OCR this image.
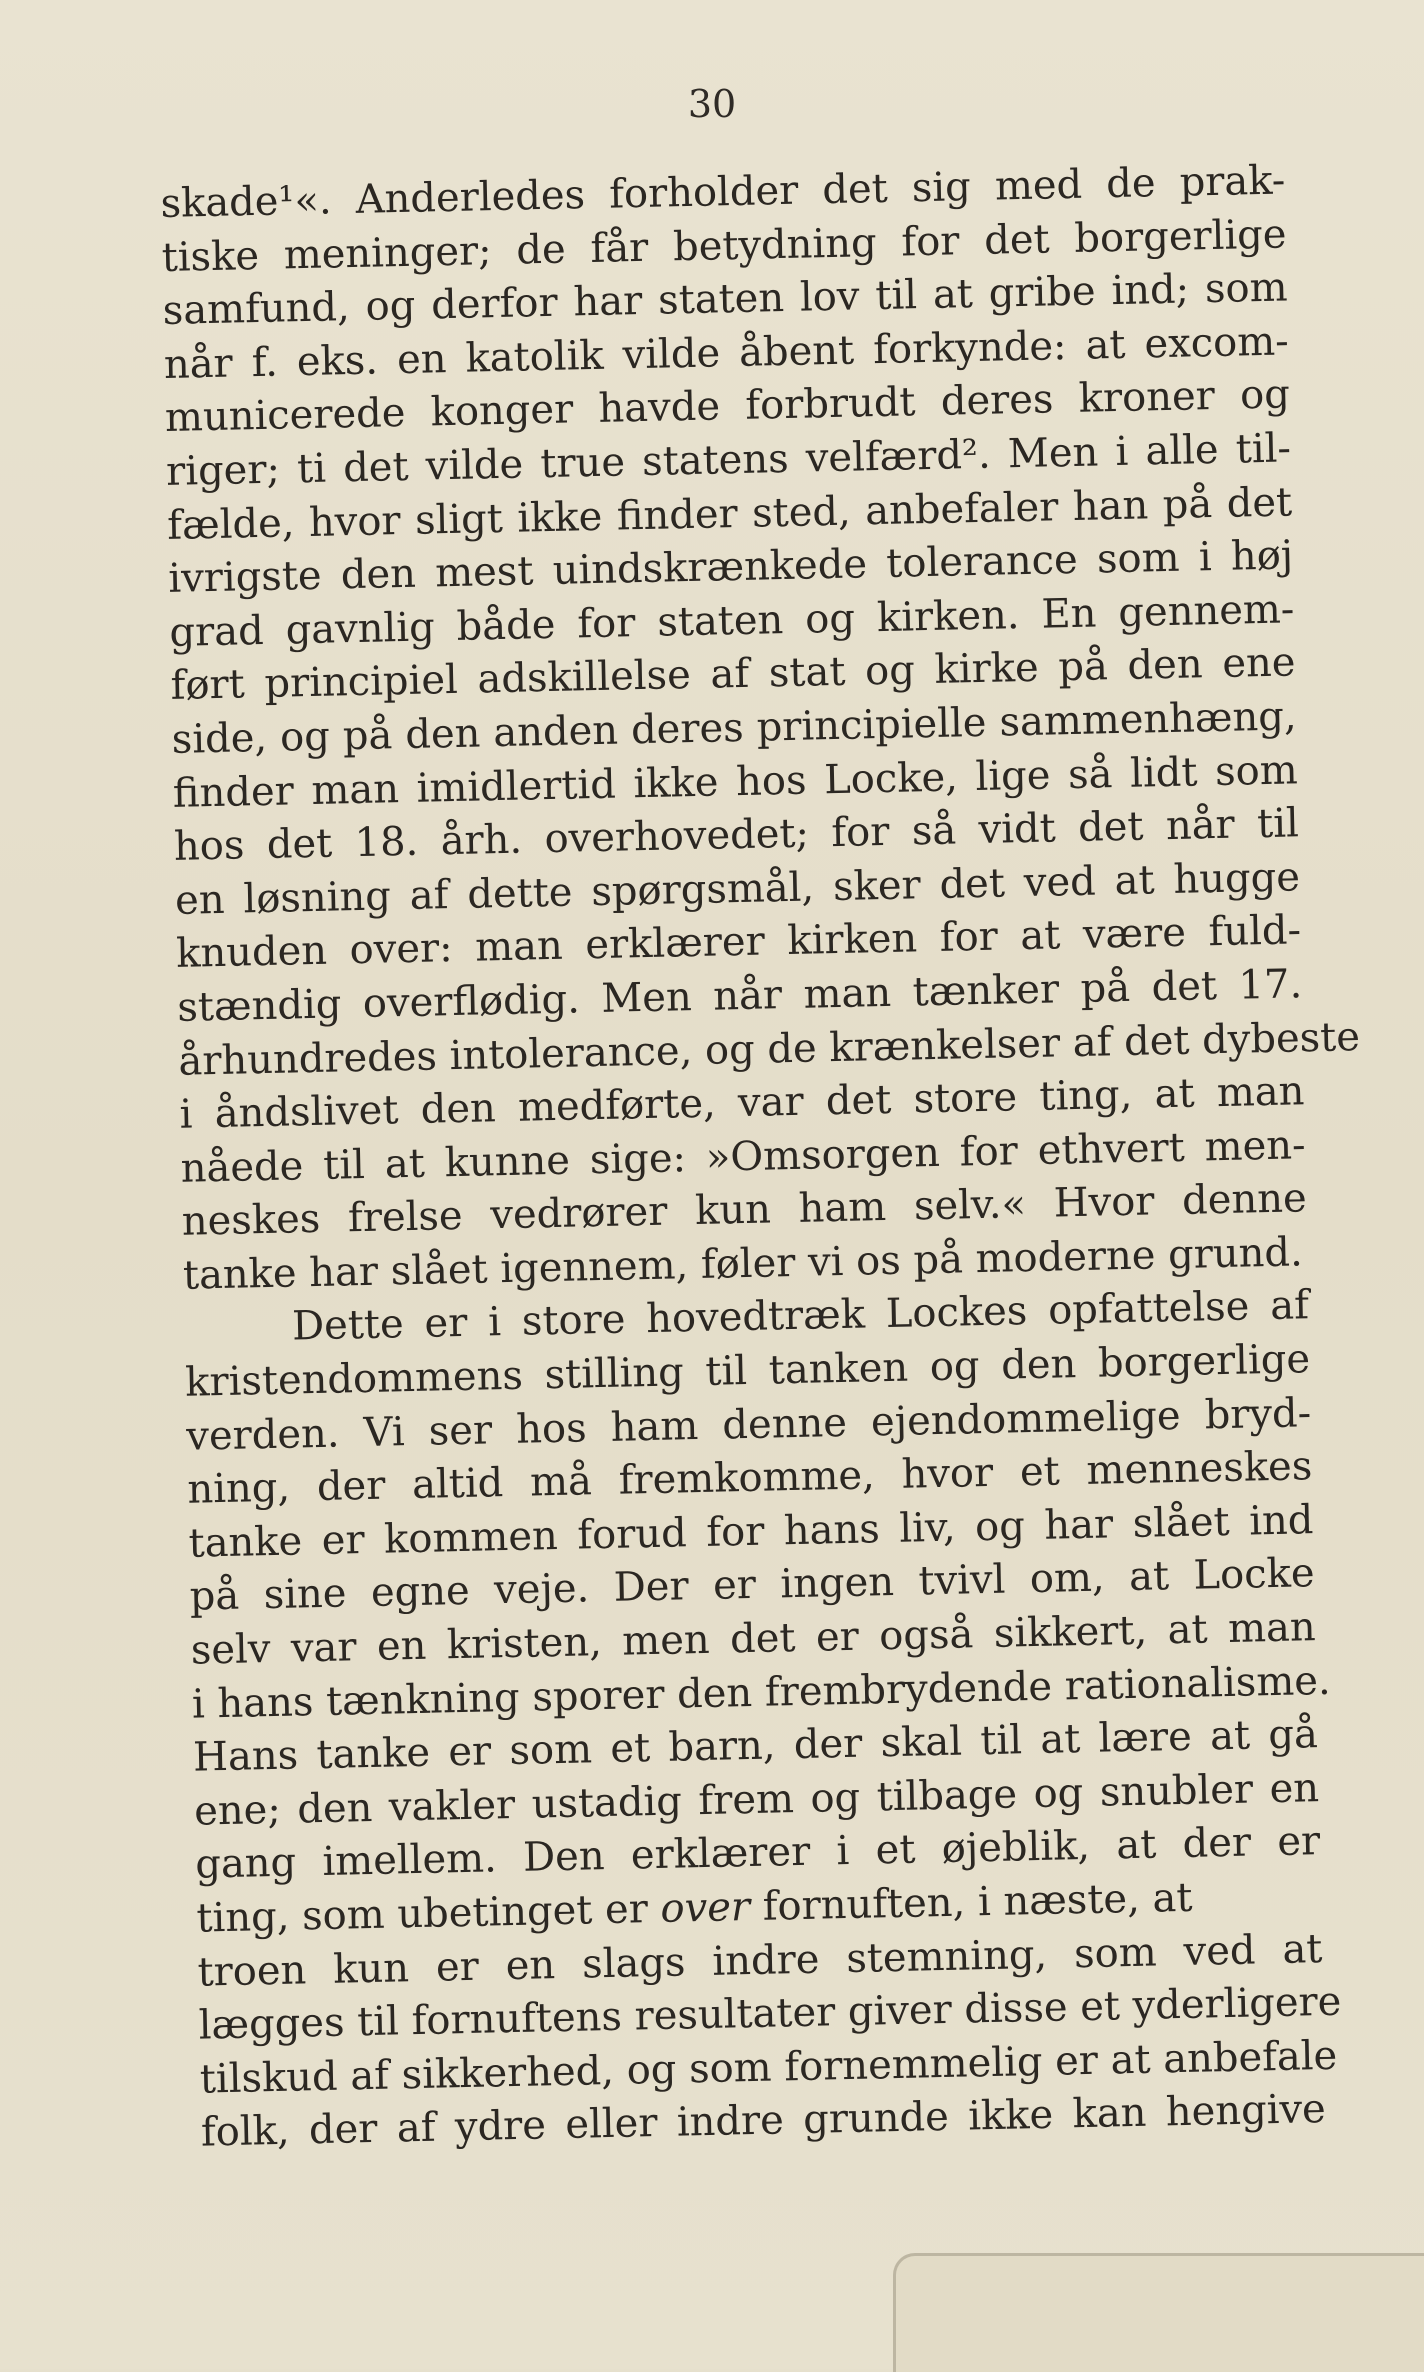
30
skade¹«. Anderledes forholder det sig med de prak-
tiske meninger; de får betydning for det borgerlige
samfund, og derfor har staten lov til at gribe ind; som
når f. eks. en katolik vilde åbent forkynde: at excom-
municerede konger havde forbrudt deres kroner og
riger; ti det vilde true statens velfærd². Men i alle til-
fælde, hvor sligt ikke finder sted, anbefaler han på det
ivrigste den mest uindskrænkede tolerance som i høj
grad gavnlig både for staten og kirken. En gennem-
ført principiel adskillelse af stat og kirke på den ene
side, og på den anden deres principielle sammenhæng,
finder man imidlertid ikke hos Locke, lige så lidt som
hos det 18. årh. overhovedet; for så vidt det når til
en løsning af dette spørgsmål, sker det ved at hugge
knuden over: man erklærer kirken for at være fuld-
stændig overflødig. Men når man tænker på det 17.
århundredes intolerance, og de krænkelser af det dybeste
i åndslivet den medførte, var det store ting, at man
nåede til at kunne sige: »Omsorgen for ethvert men-
neskes frelse vedrører kun ham selv.« Hvor denne
tanke har slået igennem, føler vi os på moderne grund.
Dette er i store hovedtræk Lockes opfattelse af
kristendommens stilling til tanken og den borgerlige
verden. Vi ser hos ham denne ejendommelige bryd-
ning, der altid må fremkomme, hvor et menneskes
tanke er kommen forud for hans liv, og har slået ind
på sine egne veje. Der er ingen tvivl om, at Locke
selv var en kristen, men det er også sikkert, at man
i hans tænkning sporer den frembrydende rationalisme.
Hans tanke er som et barn, der skal til at lære at gå
ene; den vakler ustadig frem og tilbage og snubler en
gang imellem. Den erklærer i et øjeblik, at der er
ting, som ubetinget er over fornuften, i næste, at
troen kun er en slags indre stemning, som ved at
lægges til fornuftens resultater giver disse et yderligere
tilskud af sikkerhed, og som fornemmelig er at anbefale
folk, der af ydre eller indre grunde ikke kan hengive
